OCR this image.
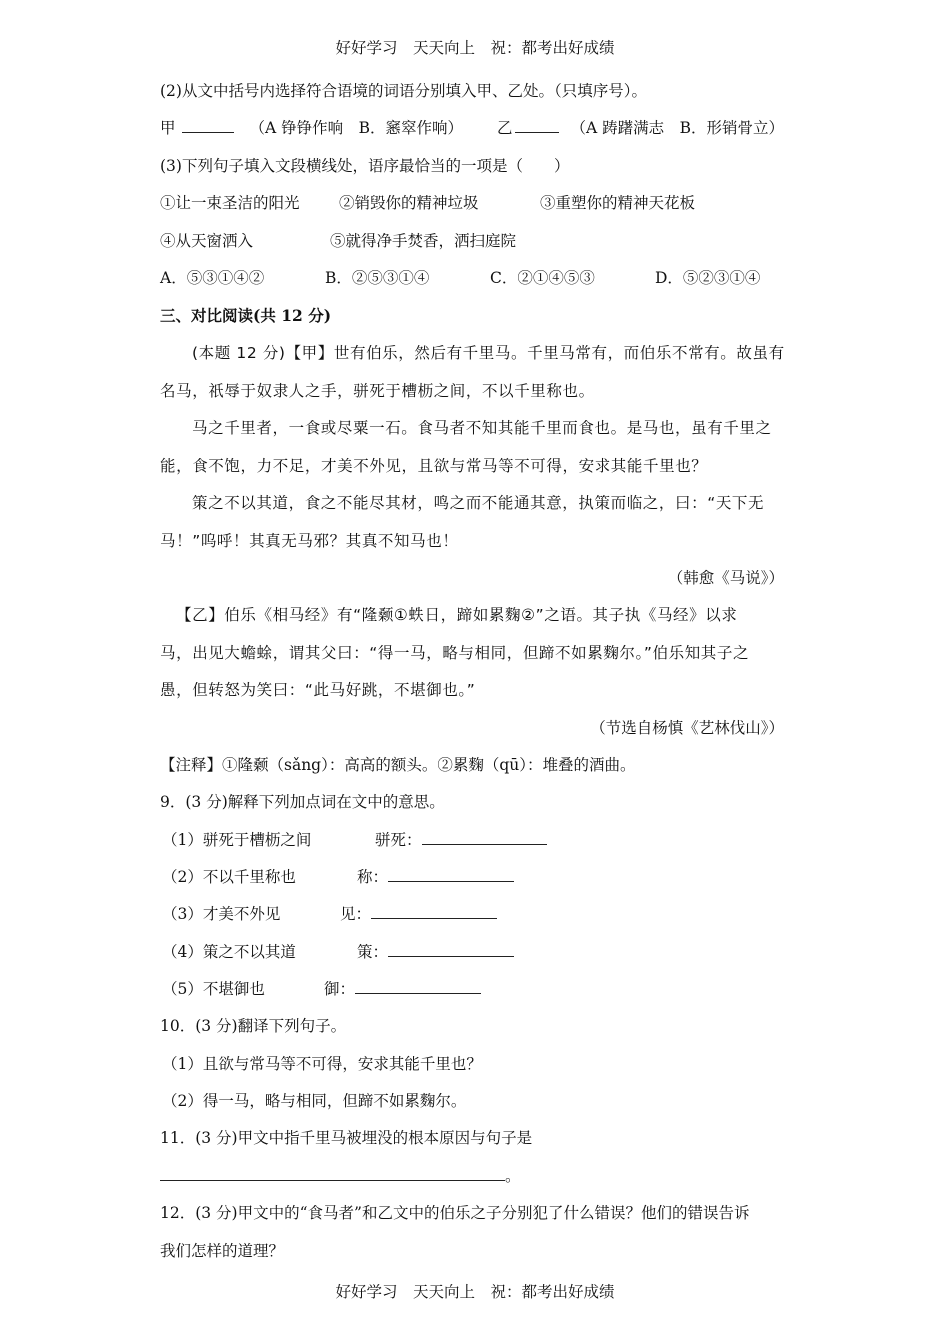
好好学习　天天向上　祝：都考出好成绩
(2)从文中括号内选择符合语境的词语分别填入甲、乙处。（只填序号）。
甲	（A 铮铮作响　B．窸窣作响） 乙	（A 踌躇满志　B．形销骨立）
(3)下列句子填入文段横线处，语序最恰当的一项是（　　）
①让一束圣洁的阳光	②销毁你的精神垃圾	③重塑你的精神天花板
④从天窗洒入	⑤就得净手焚香，洒扫庭院
A．⑤③①④②	B．②⑤③①④	C．②①④⑤③	D．⑤②③①④
三、对比阅读(共 12 分)
(本题 12 分)【甲】世有伯乐，然后有千里马。千里马常有，而伯乐不常有。故虽有
名马，祇辱于奴隶人之手，骈死于槽枥之间，不以千里称也。
马之千里者，一食或尽粟一石。食马者不知其能千里而食也。是马也，虽有千里之
能，食不饱，力不足，才美不外见，且欲与常马等不可得，安求其能千里也？
策之不以其道，食之不能尽其材，鸣之而不能通其意，执策而临之，曰：“天下无
马！”呜呼！其真无马邪？其真不知马也！
（韩愈《马说》）
【乙】伯乐《相马经》有“隆颡①蛈日，蹄如累麴②”之语。其子执《马经》以求
马，出见大蟾蜍，谓其父曰：“得一马，略与相同，但蹄不如累麴尔。”伯乐知其子之
愚，但转怒为笑曰：“此马好跳，不堪御也。”
（节选自杨慎《艺林伐山》）
【注释】①隆颡（sǎng）：高高的额头。②累麴（qū）：堆叠的酒曲。
9．(3 分)解释下列加点词在文中的意思。
（1）骈死于槽枥之间	骈死：
（2）不以千里称也	称：
（3）才美不外见	见：
（4）策之不以其道	策：
（5）不堪御也	御：
10．(3 分)翻译下列句子。
（1）且欲与常马等不可得，安求其能千里也？
（2）得一马，略与相同，但蹄不如累麴尔。
11．(3 分)甲文中指千里马被埋没的根本原因与句子是
。
12．(3 分)甲文中的“食马者”和乙文中的伯乐之子分别犯了什么错误？他们的错误告诉
我们怎样的道理？
好好学习　天天向上　祝：都考出好成绩
